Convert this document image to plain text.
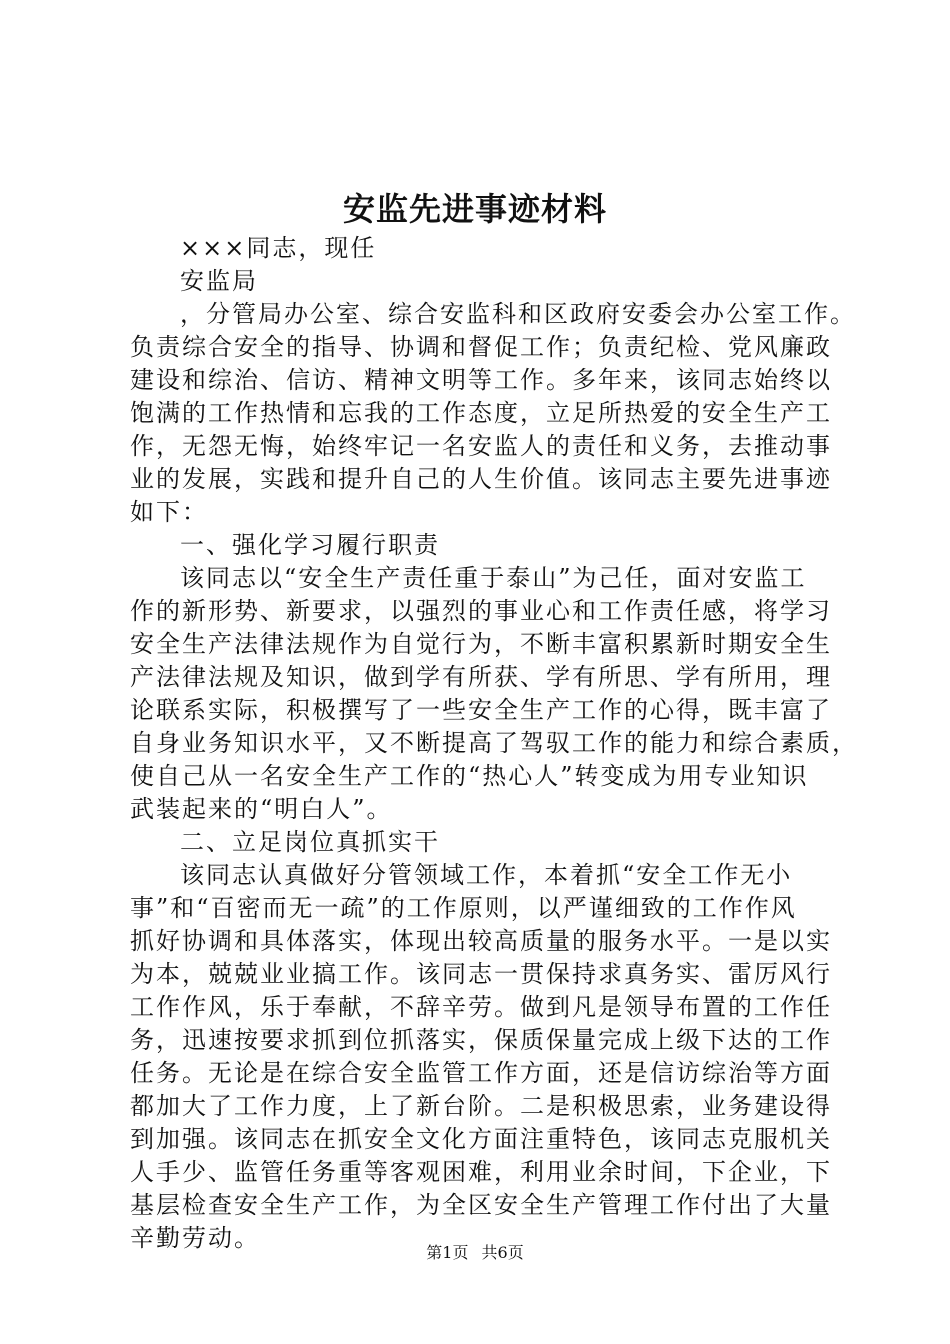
安监先进事迹材料
×××同志，现任
安监局
，分管局办公室、综合安监科和区政府安委会办公室工作。
负责综合安全的指导、协调和督促工作；负责纪检、党风廉政
建设和综治、信访、精神文明等工作。多年来，该同志始终以
饱满的工作热情和忘我的工作态度，立足所热爱的安全生产工
作，无怨无悔，始终牢记一名安监人的责任和义务，去推动事
业的发展，实践和提升自己的人生价值。该同志主要先进事迹
如下：
一、强化学习履行职责
该同志以“安全生产责任重于泰山”为己任，面对安监工
作的新形势、新要求，以强烈的事业心和工作责任感，将学习
安全生产法律法规作为自觉行为，不断丰富积累新时期安全生
产法律法规及知识，做到学有所获、学有所思、学有所用，理
论联系实际，积极撰写了一些安全生产工作的心得，既丰富了
自身业务知识水平，又不断提高了驾驭工作的能力和综合素质，
使自己从一名安全生产工作的“热心人”转变成为用专业知识
武装起来的“明白人”。
二、立足岗位真抓实干
该同志认真做好分管领域工作，本着抓“安全工作无小
事”和“百密而无一疏”的工作原则，以严谨细致的工作作风
抓好协调和具体落实，体现出较高质量的服务水平。一是以实
为本，兢兢业业搞工作。该同志一贯保持求真务实、雷厉风行
工作作风，乐于奉献，不辞辛劳。做到凡是领导布置的工作任
务，迅速按要求抓到位抓落实，保质保量完成上级下达的工作
任务。无论是在综合安全监管工作方面，还是信访综治等方面
都加大了工作力度，上了新台阶。二是积极思索，业务建设得
到加强。该同志在抓安全文化方面注重特色，该同志克服机关
人手少、监管任务重等客观困难，利用业余时间，下企业，下
基层检查安全生产工作，为全区安全生产管理工作付出了大量
辛勤劳动。
第1页 共6页
